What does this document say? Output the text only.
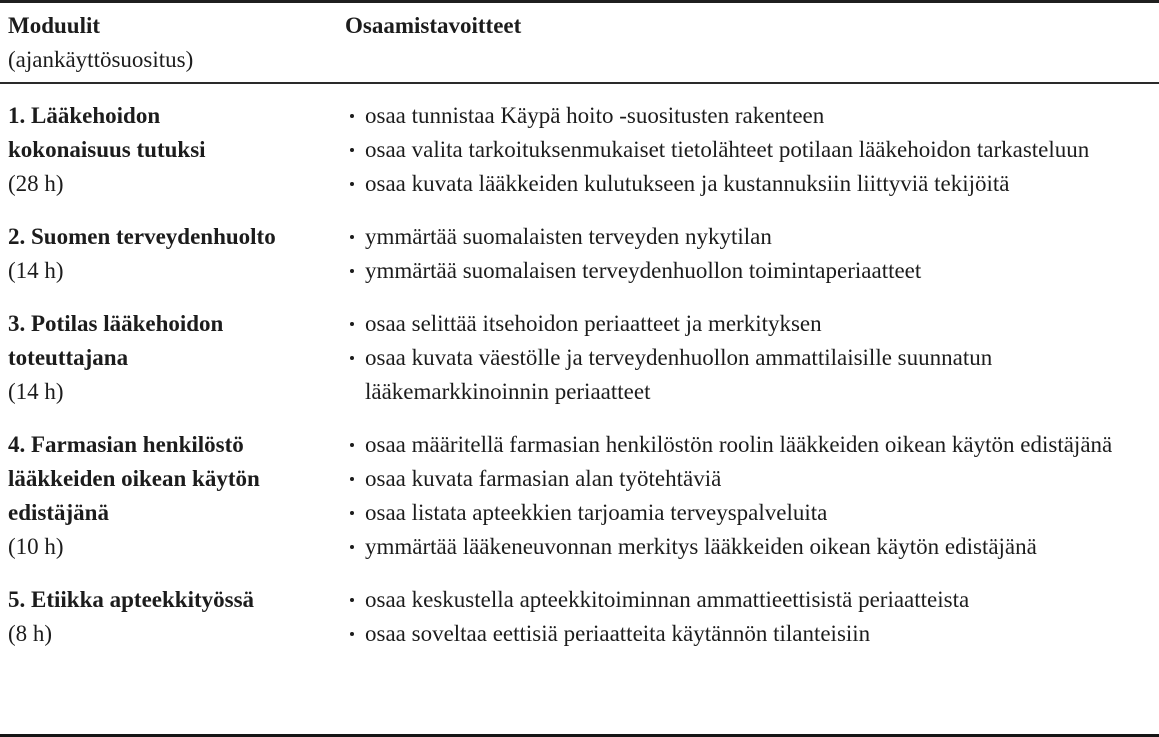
Moduulit
(ajankäyttösuositus)
Osaamistavoitteet
1. Lääkehoidon
kokonaisuus tutuksi
(28 h)
osaa tunnistaa Käypä hoito -suositusten rakenteen
osaa valita tarkoituksenmukaiset tietolähteet potilaan lääkehoidon tarkasteluun
osaa kuvata lääkkeiden kulutukseen ja kustannuksiin liittyviä tekijöitä
2. Suomen terveydenhuolto
(14 h)
ymmärtää suomalaisten terveyden nykytilan
ymmärtää suomalaisen terveydenhuollon toimintaperiaatteet
3. Potilas lääkehoidon
toteuttajana
(14 h)
osaa selittää itsehoidon periaatteet ja merkityksen
osaa kuvata väestölle ja terveydenhuollon ammattilaisille suunnatun lääkemarkkinoinnin periaatteet
4. Farmasian henkilöstö
lääkkeiden oikean käytön
edistäjänä
(10 h)
osaa määritellä farmasian henkilöstön roolin lääkkeiden oikean käytön edistäjänä
osaa kuvata farmasian alan työtehtäviä
osaa listata apteekkien tarjoamia terveyspalveluita
ymmärtää lääkeneuvonnan merkitys lääkkeiden oikean käytön edistäjänä
5. Etiikka apteekkityössä
(8 h)
osaa keskustella apteekkitoiminnan ammattieettisistä periaatteista
osaa soveltaa eettisiä periaatteita käytännön tilanteisiin
